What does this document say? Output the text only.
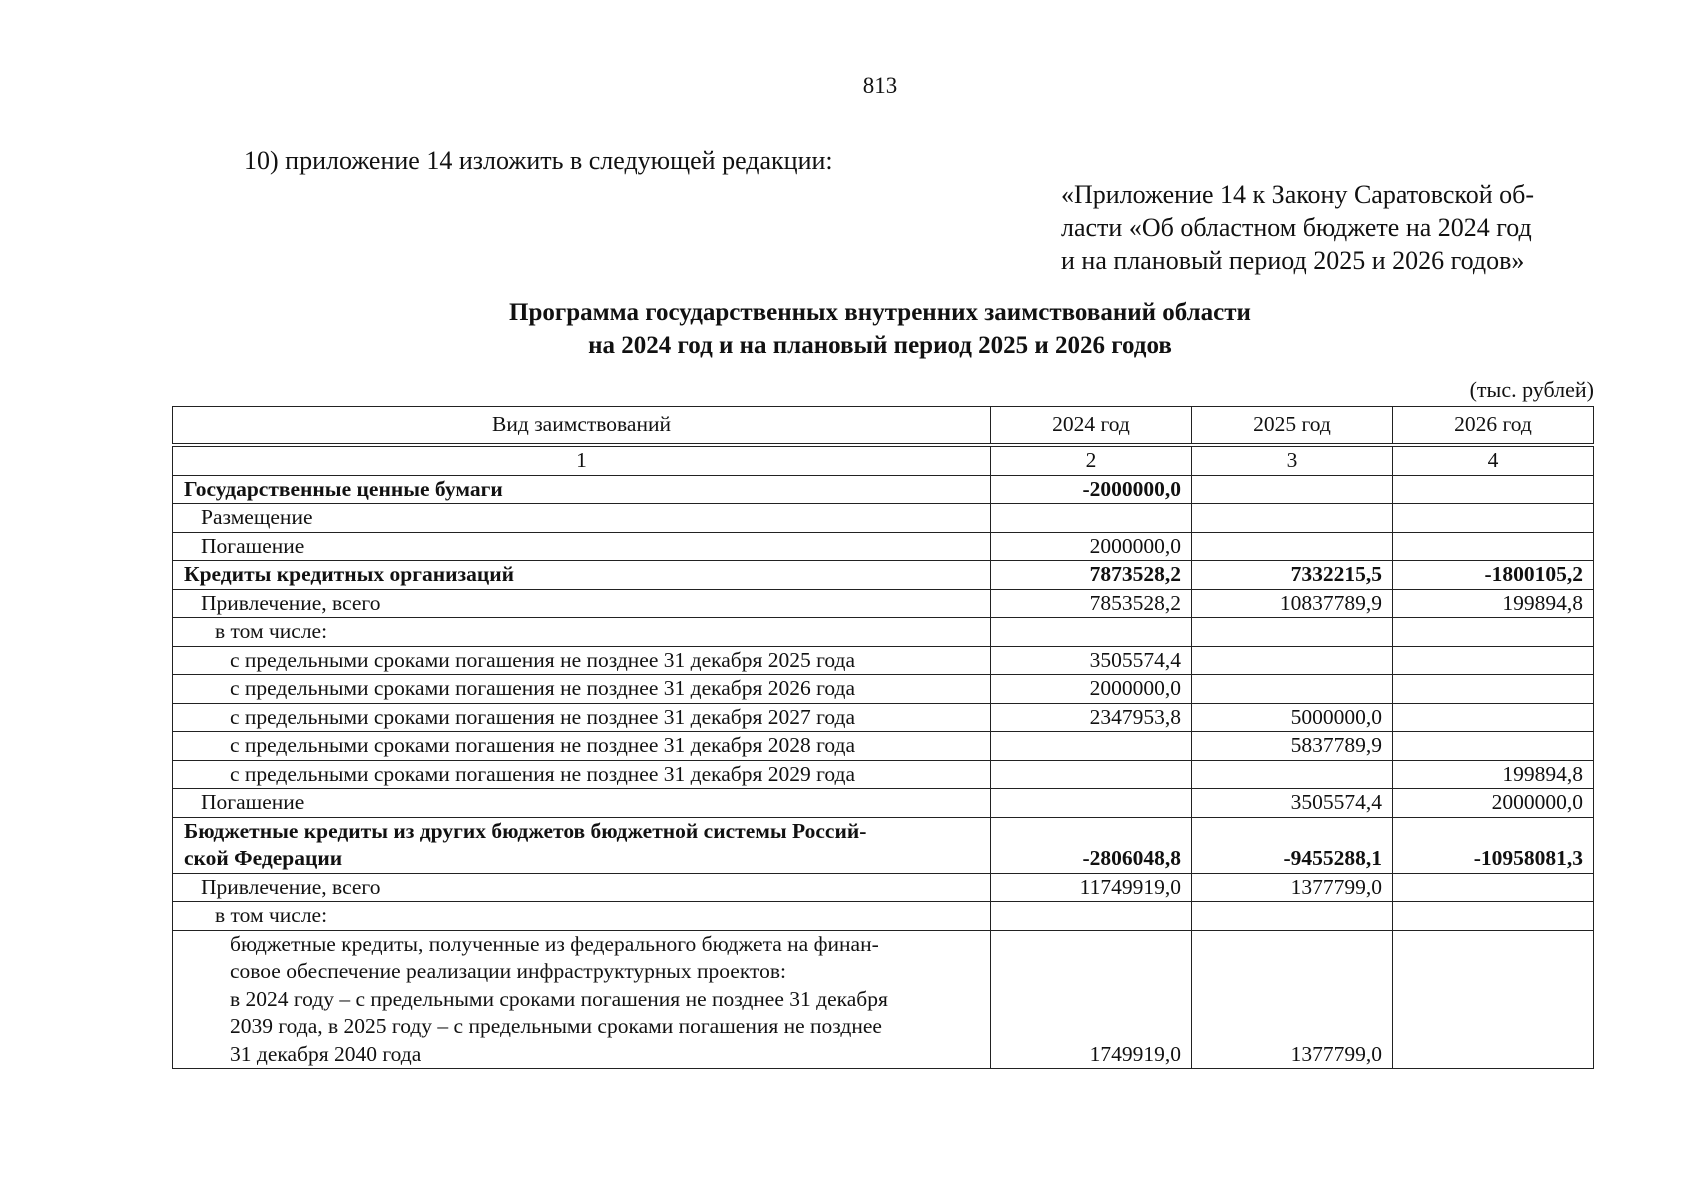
813
10) приложение 14 изложить в следующей редакции:
«Приложение 14 к Закону Саратовской об-
ласти «Об областном бюджете на 2024 год
и на плановый период 2025 и 2026 годов»
Программа государственных внутренних заимствований области
на 2024 год и на плановый период 2025 и 2026 годов
(тыс. рублей)
Вид заимствований	2024 год	2025 год	2026 год
1	2	3	4
Государственные ценные бумаги	-2000000,0		
Размещение			
Погашение	2000000,0		
Кредиты кредитных организаций	7873528,2	7332215,5	-1800105,2
Привлечение, всего	7853528,2	10837789,9	199894,8
в том числе:			
с предельными сроками погашения не позднее 31 декабря 2025 года	3505574,4		
с предельными сроками погашения не позднее 31 декабря 2026 года	2000000,0		
с предельными сроками погашения не позднее 31 декабря 2027 года	2347953,8	5000000,0	
с предельными сроками погашения не позднее 31 декабря 2028 года		5837789,9	
с предельными сроками погашения не позднее 31 декабря 2029 года			199894,8
Погашение		3505574,4	2000000,0

Бюджетные кредиты из других бюджетов бюджетной системы Россий-
ской Федерации	-2806048,8	-9455288,1	-10958081,3
Привлечение, всего	11749919,0	1377799,0	
в том числе:			

бюджетные кредиты, полученные из федерального бюджета на финан-
совое обеспечение реализации инфраструктурных проектов:
в 2024 году – с предельными сроками погашения не позднее 31 декабря
2039 года, в 2025 году – с предельными сроками погашения не позднее
31 декабря 2040 года	1749919,0	1377799,0	
